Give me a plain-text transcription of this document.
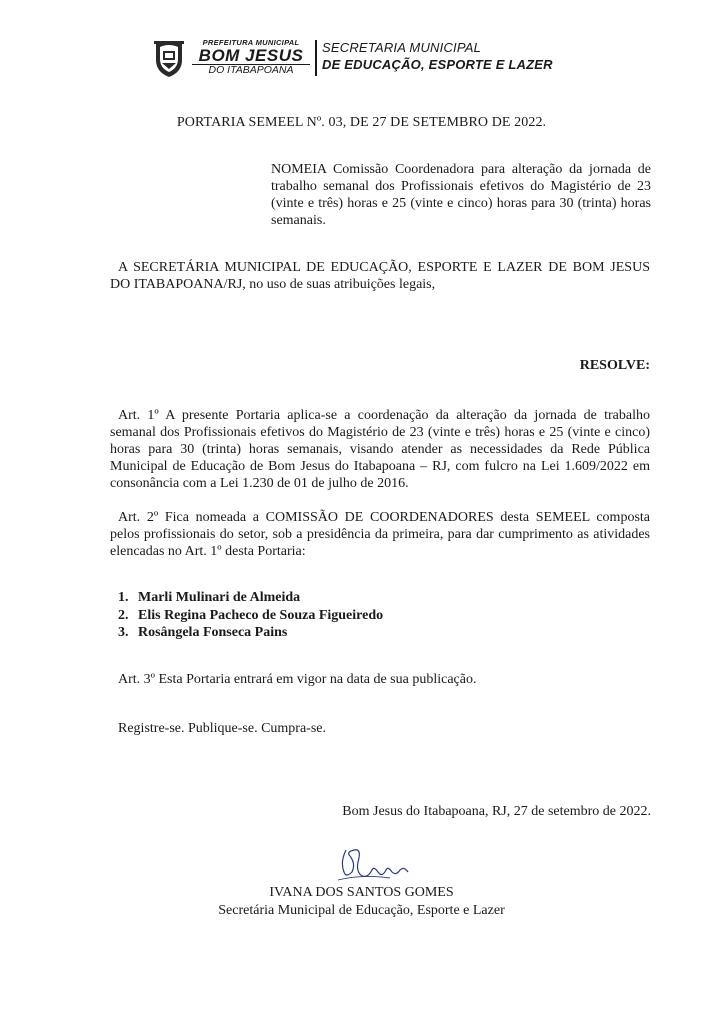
PREFEITURA MUNICIPAL
BOM JESUS
DO ITABAPOANA
SECRETARIA MUNICIPAL
DE EDUCAÇÃO, ESPORTE E LAZER
PORTARIA SEMEEL Nº. 03, DE 27 DE SETEMBRO DE 2022.
NOMEIA Comissão Coordenadora para alteração da jornada de trabalho semanal dos Profissionais efetivos do Magistério de 23 (vinte e três) horas e 25 (vinte e cinco) horas para 30 (trinta) horas semanais.
A SECRETÁRIA MUNICIPAL DE EDUCAÇÃO, ESPORTE E LAZER DE BOM JESUS DO ITABAPOANA/RJ, no uso de suas atribuições legais,
RESOLVE:
Art. 1º A presente Portaria aplica-se a coordenação da alteração da jornada de trabalho semanal dos Profissionais efetivos do Magistério de 23 (vinte e três) horas e 25 (vinte e cinco) horas para 30 (trinta) horas semanais, visando atender as necessidades da Rede Pública Municipal de Educação de Bom Jesus do Itabapoana – RJ, com fulcro na Lei 1.609/2022 em consonância com a Lei 1.230 de 01 de julho de 2016.
Art. 2º Fica nomeada a COMISSÃO DE COORDENADORES desta SEMEEL composta pelos profissionais do setor, sob a presidência da primeira, para dar cumprimento as atividades elencadas no Art. 1º desta Portaria:
1. Marli Mulinari de Almeida
2. Elis Regina Pacheco de Souza Figueiredo
3. Rosângela Fonseca Pains
Art. 3º Esta Portaria entrará em vigor na data de sua publicação.
Registre-se. Publique-se. Cumpra-se.
Bom Jesus do Itabapoana, RJ, 27 de setembro de 2022.
IVANA DOS SANTOS GOMES
Secretária Municipal de Educação, Esporte e Lazer
